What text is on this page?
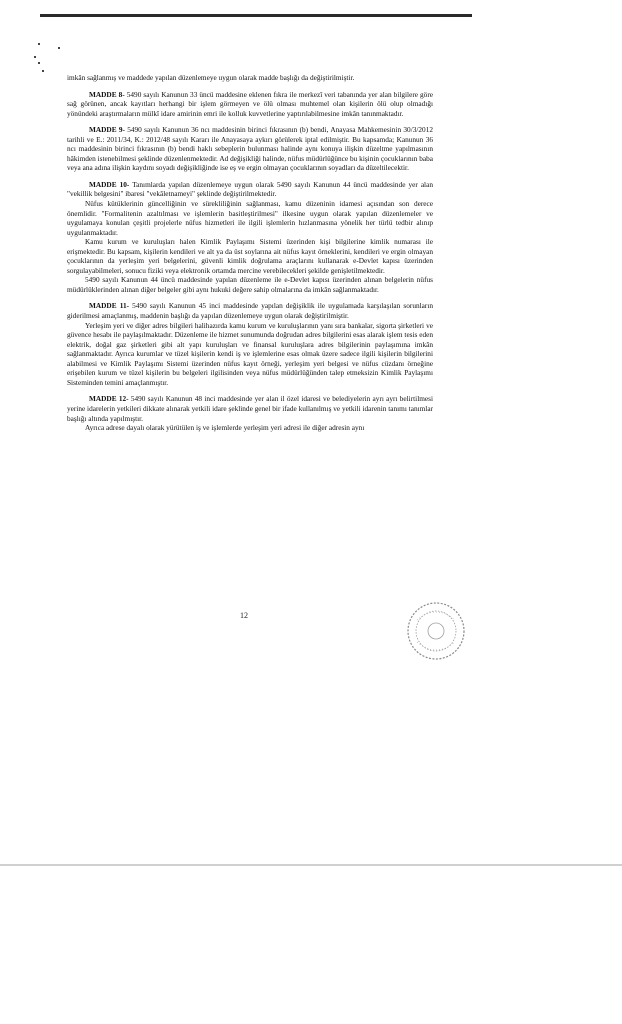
imkân sağlanmış ve maddede yapılan düzenlemeye uygun olarak madde başlığı da değiştirilmiştir.

MADDE 8- 5490 sayılı Kanunun 33 üncü maddesine eklenen fıkra ile merkezî veri tabanında yer alan bilgilere göre sağ görünen, ancak kayıtları herhangi bir işlem görmeyen ve ölü olması muhtemel olan kişilerin ölü olup olmadığı yönündeki araştırmaların mülkî idare amirinin emri ile kolluk kuvvetlerine yaptırılabilmesine imkân tanınmaktadır.

MADDE 9- 5490 sayılı Kanunun 36 ncı maddesinin birinci fıkrasının (b) bendi, Anayasa Mahkemesinin 30/3/2012 tarihli ve E.: 2011/34, K.: 2012/48 sayılı Kararı ile Anayasaya aykırı görülerek iptal edilmiştir. Bu kapsamda; Kanunun 36 ncı maddesinin birinci fıkrasının (b) bendi haklı sebeplerin bulunması halinde aynı konuya ilişkin düzeltme yapılmasının hâkimden istenebilmesi şeklinde düzenlenmektedir. Ad değişikliği halinde, nüfus müdürlüğünce bu kişinin çocuklarının baba veya ana adına ilişkin kaydını soyadı değişikliğinde ise eş ve ergin olmayan çocuklarının soyadları da düzeltilecektir.

MADDE 10- Tanımlarda yapılan düzenlemeye uygun olarak 5490 sayılı Kanunun 44 üncü maddesinde yer alan "vekillik belgesini" ibaresi "vekâletnameyi" şeklinde değiştirilmektedir.

Nüfus kütüklerinin güncelliğinin ve sürekliliğinin sağlanması, kamu düzeninin idamesi açısından son derece önemlidir. "Formalitenin azaltılması ve işlemlerin basitleştirilmesi" ilkesine uygun olarak yapılan düzenlemeler ve uygulamaya konulan çeşitli projelerle nüfus hizmetleri ile ilgili işlemlerin hızlanmasına yönelik her türlü tedbir alınıp uygulanmaktadır.

Kamu kurum ve kuruluşları halen Kimlik Paylaşımı Sistemi üzerinden kişi bilgilerine kimlik numarası ile erişmektedir. Bu kapsam, kişilerin kendileri ve alt ya da üst soylarına ait nüfus kayıt örneklerini, kendileri ve ergin olmayan çocuklarının da yerleşim yeri belgelerini, güvenli kimlik doğrulama araçlarını kullanarak e-Devlet kapısı üzerinden sorgulayabilmeleri, sonucu fiziki veya elektronik ortamda mercine verebilecekleri şekilde genişletilmektedir.

5490 sayılı Kanunun 44 üncü maddesinde yapılan düzenleme ile e-Devlet kapısı üzerinden alınan belgelerin nüfus müdürlüklerinden alınan diğer belgeler gibi aynı hukuki değere sahip olmalarına da imkân sağlanmaktadır.

MADDE 11- 5490 sayılı Kanunun 45 inci maddesinde yapılan değişiklik ile uygulamada karşılaşılan sorunların giderilmesi amaçlanmış, maddenin başlığı da yapılan düzenlemeye uygun olarak değiştirilmiştir.

Yerleşim yeri ve diğer adres bilgileri halihazırda kamu kurum ve kuruluşlarının yanı sıra bankalar, sigorta şirketleri ve güvence hesabı ile paylaşılmaktadır. Düzenleme ile hizmet sunumunda doğrudan adres bilgilerini esas alarak işlem tesis eden elektrik, doğal gaz şirketleri gibi alt yapı kuruluşları ve finansal kuruluşlara adres bilgilerinin paylaşımına imkân sağlanmaktadır. Ayrıca kurumlar ve tüzel kişilerin kendi iş ve işlemlerine esas olmak üzere sadece ilgili kişilerin bilgilerini alabilmesi ve Kimlik Paylaşımı Sistemi üzerinden nüfus kayıt örneği, yerleşim yeri belgesi ve nüfus cüzdanı örneğine erişebilen kurum ve tüzel kişilerin bu belgeleri ilgilisinden veya nüfus müdürlüğünden talep etmeksizin Kimlik Paylaşımı Sisteminden temini amaçlanmıştır.

MADDE 12- 5490 sayılı Kanunun 48 inci maddesinde yer alan il özel idaresi ve belediyelerin ayrı ayrı belirtilmesi yerine idarelerin yetkileri dikkate alınarak yetkili idare şeklinde genel bir ifade kullanılmış ve yetkili idarenin tanımı tanımlar başlığı altında yapılmıştır.

Ayrıca adrese dayalı olarak yürütülen iş ve işlemlerde yerleşim yeri adresi ile diğer adresin aynı

12
